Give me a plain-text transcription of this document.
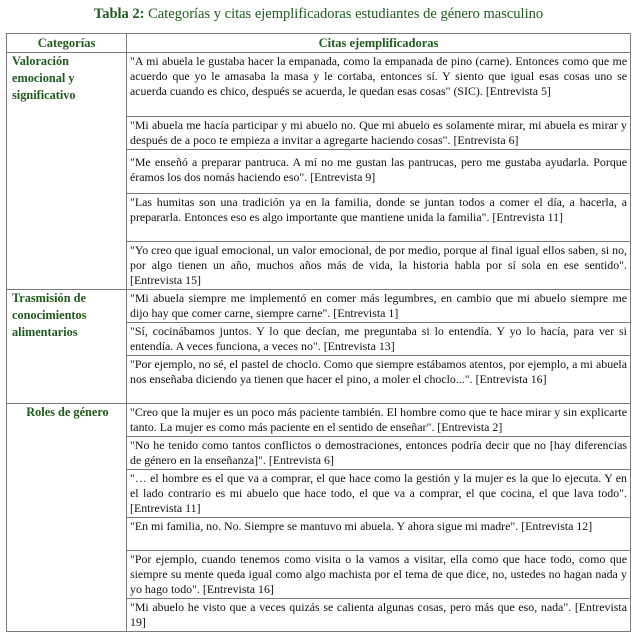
Tabla 2: Categorías y citas ejemplificadoras estudiantes de género masculino
Categorías	Citas ejemplificadoras
Valoración emocional y significativo	"A mi abuela le gustaba hacer la empanada, como la empanada de pino (carne). Entonces como que me acuerdo que yo le amasaba la masa y le cortaba, entonces sí. Y siento que igual esas cosas uno se acuerda cuando es chico, después se acuerda, le quedan esas cosas" (SIC). [Entrevista 5]
	"Mi abuela me hacía participar y mi abuelo no. Que mi abuelo es solamente mirar, mi abuela es mirar y después de a poco te empieza a invitar a agregarte haciendo cosas". [Entrevista 6]
	"Me enseñó a preparar pantruca. A mí no me gustan las pantrucas, pero me gustaba ayudarla. Porque éramos los dos nomás haciendo eso". [Entrevista 9]
	"Las humitas son una tradición ya en la familia, donde se juntan todos a comer el día, a hacerla, a prepararla. Entonces eso es algo importante que mantiene unida la familia". [Entrevista 11]
	"Yo creo que igual emocional, un valor emocional, de por medio, porque al final igual ellos saben, si no, por algo tienen un año, muchos años más de vida, la historia habla por sí sola en ese sentido". [Entrevista 15]
Trasmisión de conocimientos alimentarios	"Mi abuela siempre me implementó en comer más legumbres, en cambio que mi abuelo siempre me dijo hay que comer carne, siempre carne". [Entrevista 1]
	"Sí, cocinábamos juntos. Y lo que decían, me preguntaba si lo entendía. Y yo lo hacía, para ver si entendía. A veces funciona, a veces no". [Entrevista 13]
	"Por ejemplo, no sé, el pastel de choclo. Como que siempre estábamos atentos, por ejemplo, a mi abuela nos enseñaba diciendo ya tienen que hacer el pino, a moler el choclo...". [Entrevista 16]
Roles de género	"Creo que la mujer es un poco más paciente también. El hombre como que te hace mirar y sin explicarte tanto. La mujer es como más paciente en el sentido de enseñar". [Entrevista 2]
	"No he tenido como tantos conflictos o demostraciones, entonces podría decir que no [hay diferencias de género en la enseñanza]". [Entrevista 6]
	"… el hombre es el que va a comprar, el que hace como la gestión y la mujer es la que lo ejecuta. Y en el lado contrario es mi abuelo que hace todo, el que va a comprar, el que cocina, el que lava todo". [Entrevista 11]
	"En mi familia, no. No. Siempre se mantuvo mi abuela. Y ahora sigue mi madre". [Entrevista 12]
	"Por ejemplo, cuando tenemos como visita o la vamos a visitar, ella como que hace todo, como que siempre su mente queda igual como algo machista por el tema de que dice, no, ustedes no hagan nada y yo hago todo". [Entrevista 16]
	"Mi abuelo he visto que a veces quizás se calienta algunas cosas, pero más que eso, nada". [Entrevista 19]
